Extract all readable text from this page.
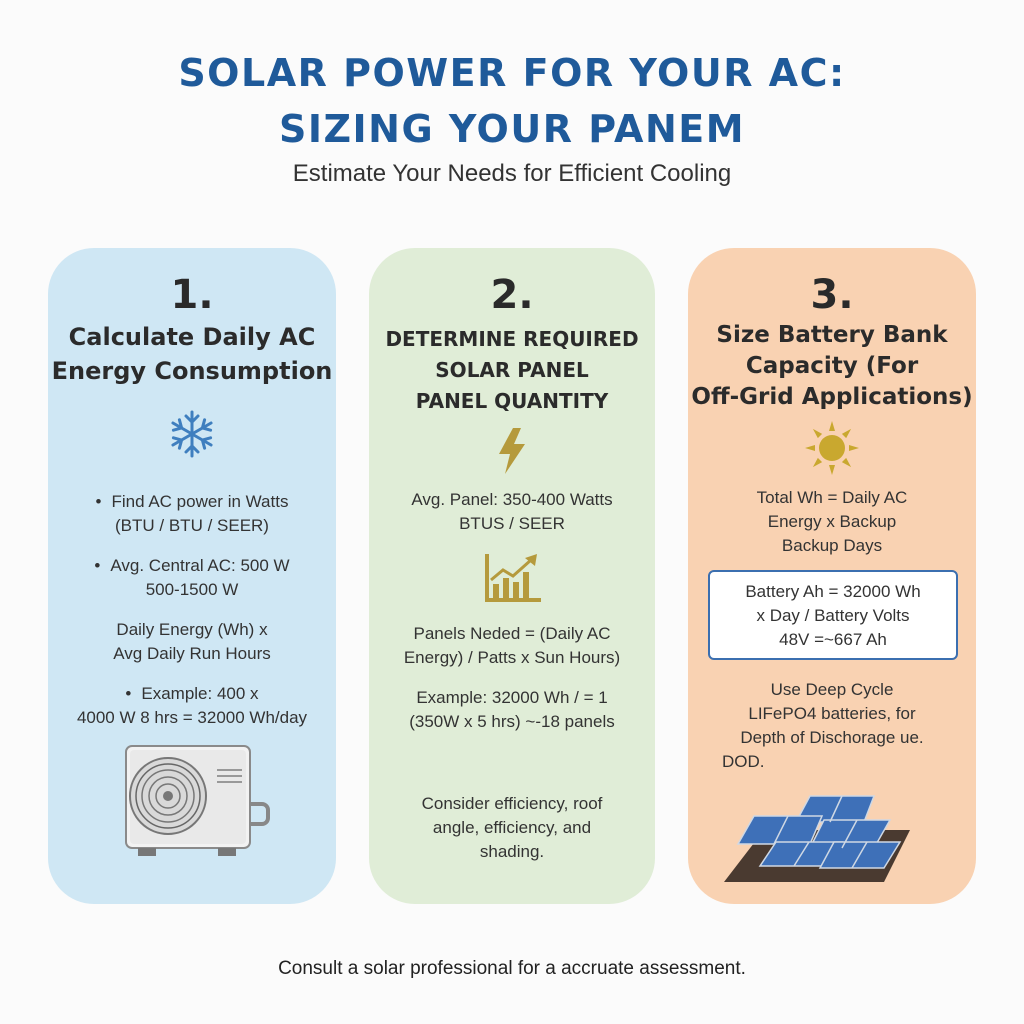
SOLAR POWER FOR YOUR AC:
SIZING YOUR PANEM
Estimate Your Needs for Efficient Cooling
1.
Calculate Daily AC
Energy Consumption
• Find AC power in Watts
(BTU / BTU / SEER)
• Avg. Central AC: 500 W
500-1500 W
Daily Energy (Wh) x
Avg Daily Run Hours
• Example: 400 x
4000 W 8 hrs = 32000 Wh/day
2.
DETERMINE REQUIRED
SOLAR PANEL
PANEL QUANTITY
Avg. Panel: 350-400 Watts
BTUS / SEER
Panels Neded = (Daily AC
Energy) / Patts x Sun Hours)
Example: 32000 Wh / = 1
(350W x 5 hrs) ~-18 panels
Consider efficiency, roof
angle, efficiency, and
shading.
3.
Size Battery Bank
Capacity (For
Off-Grid Applications)
Total Wh = Daily AC
Energy x Backup
Backup Days
Battery Ah = 32000 Wh
x Day / Battery Volts
48V =~667 Ah
Use Deep Cycle
LIFePO4 batteries, for
Depth of Dischorage ue.
DOD.
Consult a solar professional for a accruate assessment.
